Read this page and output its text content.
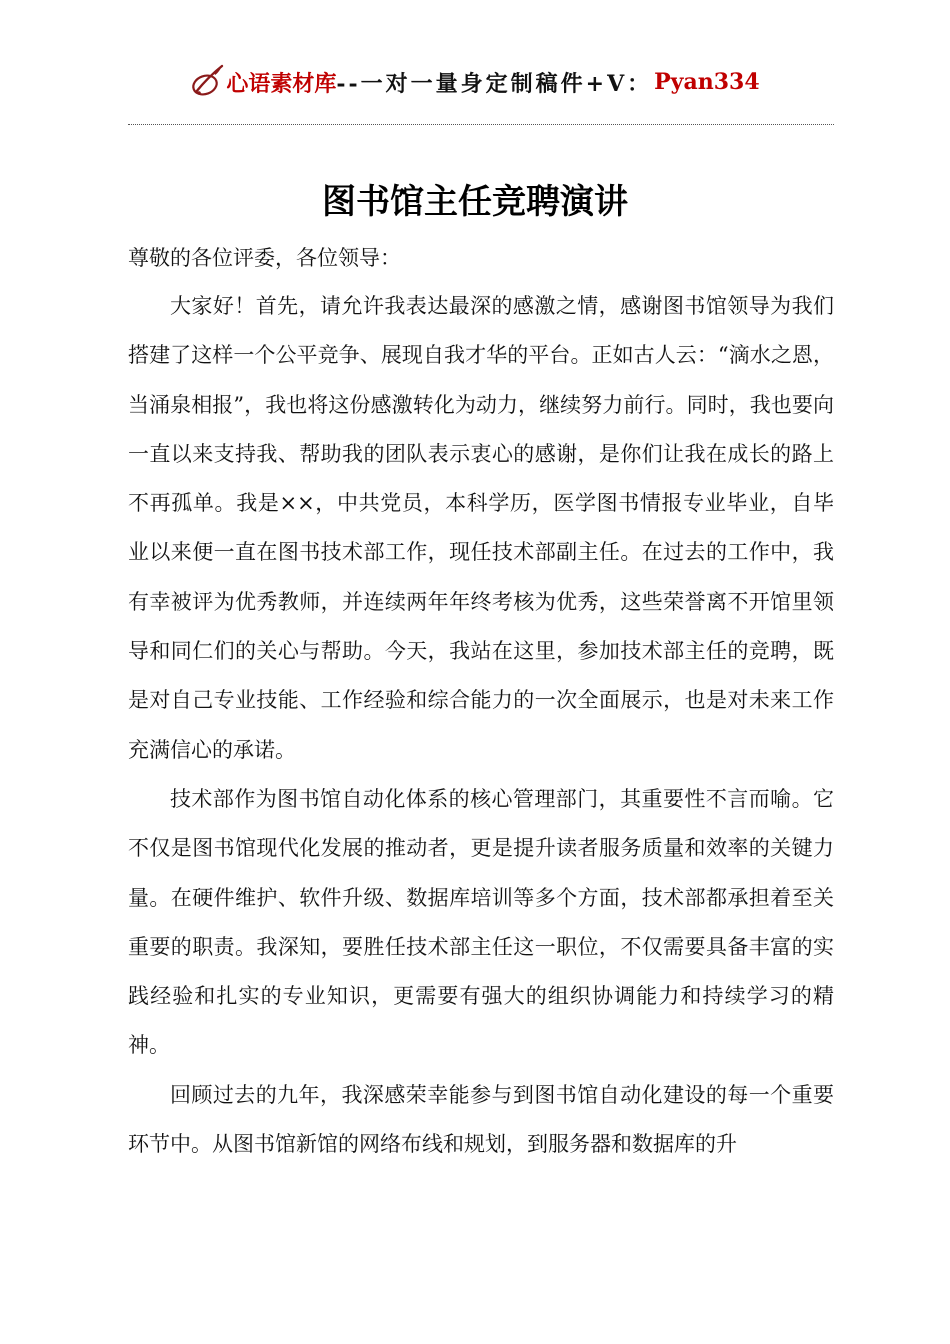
心语素材库 --一对一量身定制稿件+V： Pyan334
图书馆主任竞聘演讲
尊敬的各位评委，各位领导：

大家好！首先，请允许我表达最深的感激之情，感谢图书馆领导为我们搭建了这样一个公平竞争、展现自我才华的平台。正如古人云：“滴水之恩，当涌泉相报”，我也将这份感激转化为动力，继续努力前行。同时，我也要向一直以来支持我、帮助我的团队表示衷心的感谢，是你们让我在成长的路上不再孤单。我是××，中共党员，本科学历，医学图书情报专业毕业，自毕业以来便一直在图书技术部工作，现任技术部副主任。在过去的工作中，我有幸被评为优秀教师，并连续两年年终考核为优秀，这些荣誉离不开馆里领导和同仁们的关心与帮助。今天，我站在这里，参加技术部主任的竞聘，既是对自己专业技能、工作经验和综合能力的一次全面展示，也是对未来工作充满信心的承诺。

技术部作为图书馆自动化体系的核心管理部门，其重要性不言而喻。它不仅是图书馆现代化发展的推动者，更是提升读者服务质量和效率的关键力量。在硬件维护、软件升级、数据库培训等多个方面，技术部都承担着至关重要的职责。我深知，要胜任技术部主任这一职位，不仅需要具备丰富的实践经验和扎实的专业知识，更需要有强大的组织协调能力和持续学习的精神。

回顾过去的九年，我深感荣幸能参与到图书馆自动化建设的每一个重要环节中。从图书馆新馆的网络布线和规划，到服务器和数据库的升
